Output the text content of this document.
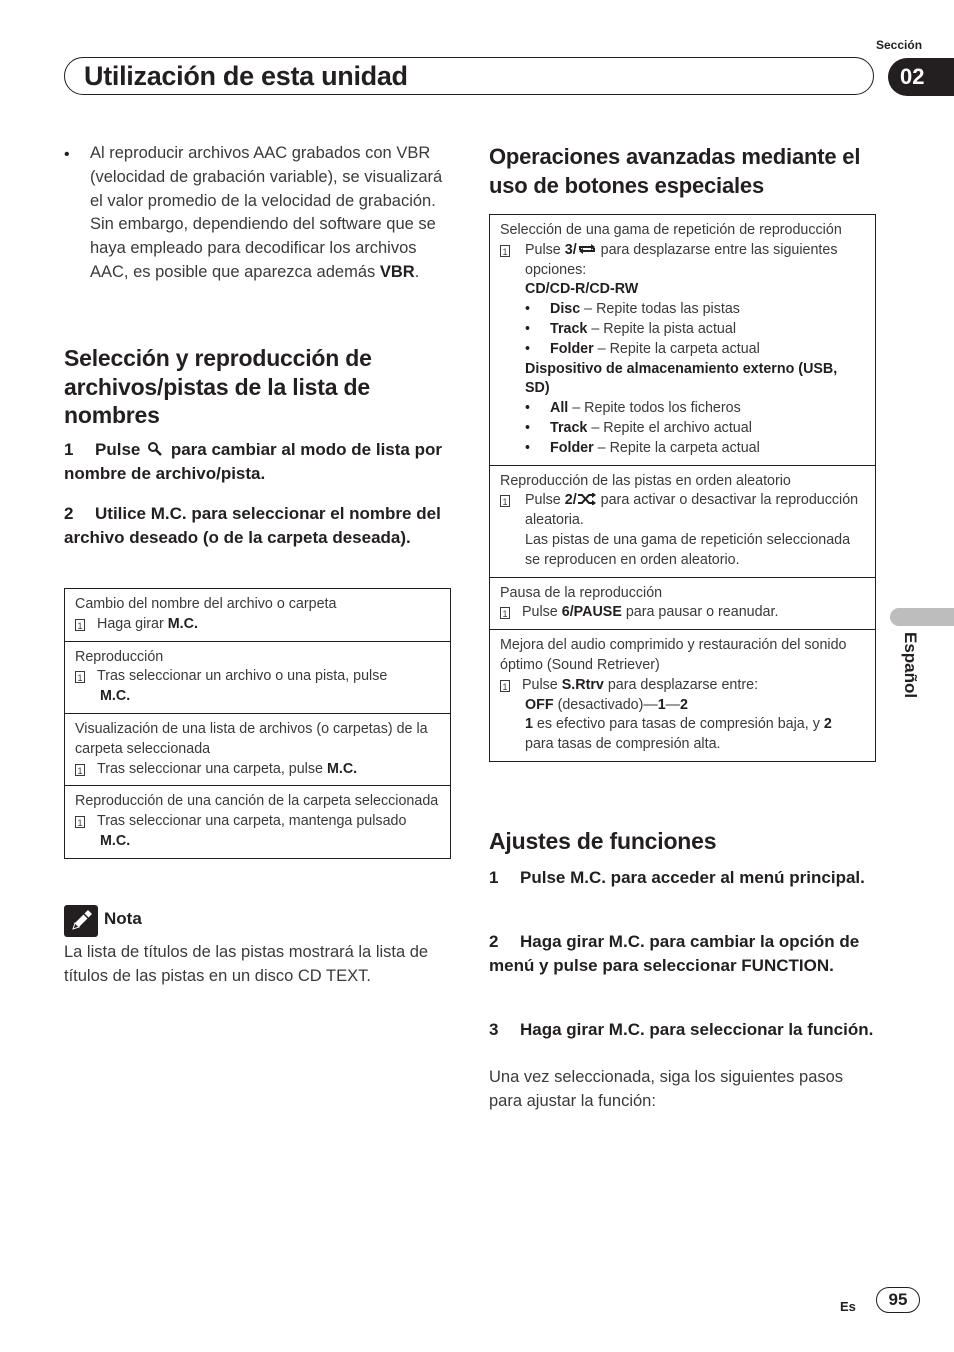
Sección
Utilización de esta unidad	02
Español
• Al reproducir archivos AAC grabados con VBR (velocidad de grabación variable), se visualizará el valor promedio de la velocidad de grabación. Sin embargo, dependiendo del software que se haya empleado para decodificar los archivos AAC, es posible que aparezca además VBR.
Selección y reproducción de archivos/pistas de la lista de nombres
1 Pulse para cambiar al modo de lista por nombre de archivo/pista.
2 Utilice M.C. para seleccionar el nombre del archivo deseado (o de la carpeta deseada).
Cambio del nombre del archivo o carpeta
1 Haga girar M.C.
Reproducción
1 Tras seleccionar un archivo o una pista, pulse
M.C.
Visualización de una lista de archivos (o carpetas) de la carpeta seleccionada
1 Tras seleccionar una carpeta, pulse M.C.
Reproducción de una canción de la carpeta seleccionada
1 Tras seleccionar una carpeta, mantenga pulsado
M.C.
Nota
La lista de títulos de las pistas mostrará la lista de títulos de las pistas en un disco CD TEXT.
Operaciones avanzadas mediante el uso de botones especiales
Selección de una gama de repetición de reproducción
1 Pulse 3/ para desplazarse entre las siguientes opciones:
CD/CD-R/CD-RW
• Disc – Repite todas las pistas
• Track – Repite la pista actual
• Folder – Repite la carpeta actual
Dispositivo de almacenamiento externo (USB, SD)
• All – Repite todos los ficheros
• Track – Repite el archivo actual
• Folder – Repite la carpeta actual
Reproducción de las pistas en orden aleatorio
1 Pulse 2/ para activar o desactivar la reproducción aleatoria.
Las pistas de una gama de repetición seleccionada se reproducen en orden aleatorio.
Pausa de la reproducción
1 Pulse 6/PAUSE para pausar o reanudar.
Mejora del audio comprimido y restauración del sonido óptimo (Sound Retriever)
1 Pulse S.Rtrv para desplazarse entre:
OFF (desactivado)—1—2
1 es efectivo para tasas de compresión baja, y 2
para tasas de compresión alta.
Ajustes de funciones
1 Pulse M.C. para acceder al menú principal.
2 Haga girar M.C. para cambiar la opción de menú y pulse para seleccionar FUNCTION.
3 Haga girar M.C. para seleccionar la función.
Una vez seleccionada, siga los siguientes pasos para ajustar la función:
Es	95
